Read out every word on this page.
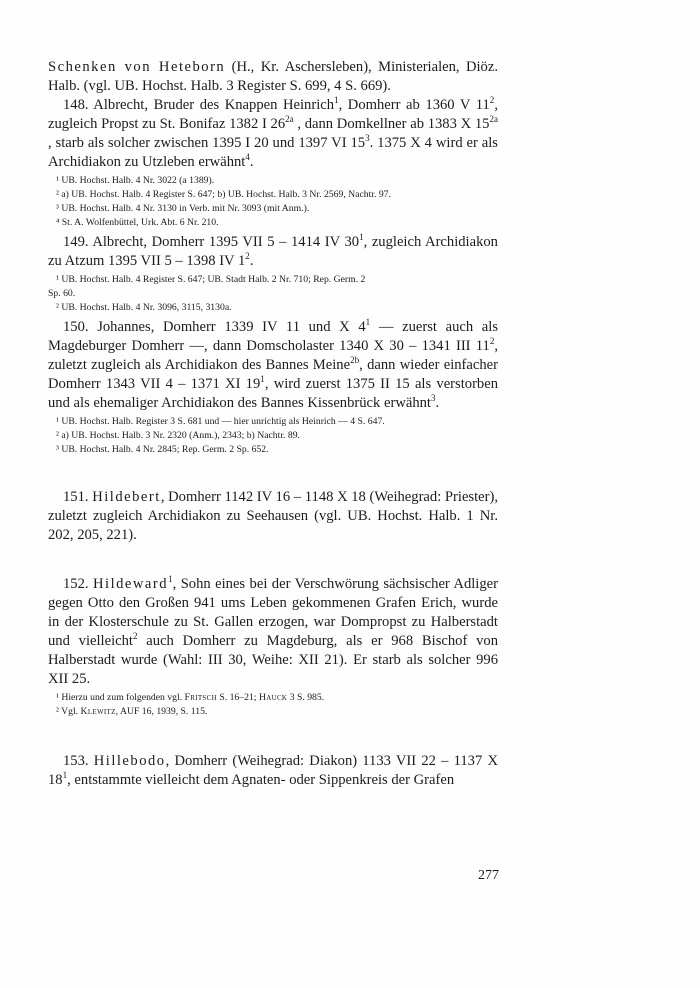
Schenken von Heteborn (H., Kr. Aschersleben), Ministerialen, Diöz. Halb. (vgl. UB. Hochst. Halb. 3 Register S. 699, 4 S. 669).

148. Albrecht, Bruder des Knappen Heinrich$^1$, Domherr ab 1360 V $11^2$, zugleich Propst zu St. Bonifaz 1382 I $26^{2a}$ , dann Domkellner ab 1383 X $15^{2a}$ , starb als solcher zwischen 1395 I 20 und 1397 VI $15^3$. 1375 X 4 wird er als Archidiakon zu Utzleben erwähnt$^4$.

¹ UB. Hochst. Halb. 4 Nr. 3022 (a 1389).

² a) UB. Hochst. Halb. 4 Register S. 647; b) UB. Hochst. Halb. 3 Nr. 2569, Nachtr. 97.

³ UB. Hochst. Halb. 4 Nr. 3130 in Verb. mit Nr. 3093 (mit Anm.).

⁴ St. A. Wolfenbüttel, Urk. Abt. 6 Nr. 210.

149. Albrecht, Domherr 1395 VII 5 – 1414 IV $30^1$, zugleich Archidiakon zu Atzum 1395 VII 5 – 1398 IV $1^2$.

¹ UB. Hochst. Halb. 4 Register S. 647; UB. Stadt Halb. 2 Nr. 710; Rep. Germ. 2

Sp. 60.

² UB. Hochst. Halb. 4 Nr. 3096, 3115, 3130a.

150. Johannes, Domherr 1339 IV 11 und X $4^1$ — zuerst auch als Magdeburger Domherr —, dann Domscholaster 1340 X 30 – 1341 III $11^2$, zuletzt zugleich als Archidiakon des Bannes Meine$^{2b}$, dann wieder einfacher Domherr 1343 VII 4 – 1371 XI $19^1$, wird zuerst 1375 II 15 als verstorben und als ehemaliger Archidiakon des Bannes Kissenbrück erwähnt$^3$.

¹ UB. Hochst. Halb. Register 3 S. 681 und — hier unrichtig als Heinrich — 4 S. 647.

² a) UB. Hochst. Halb. 3 Nr. 2320 (Anm.), 2343; b) Nachtr. 89.

³ UB. Hochst. Halb. 4 Nr. 2845; Rep. Germ. 2 Sp. 652.

151. Hildebert, Domherr 1142 IV 16 – 1148 X 18 (Weihegrad: Priester), zuletzt zugleich Archidiakon zu Seehausen (vgl. UB. Hochst. Halb. 1 Nr. 202, 205, 221).

152. Hildeward$^1$, Sohn eines bei der Verschwörung sächsischer Adliger gegen Otto den Großen 941 ums Leben gekommenen Grafen Erich, wurde in der Klosterschule zu St. Gallen erzogen, war Dompropst zu Halberstadt und vielleicht$^2$ auch Domherr zu Magdeburg, als er 968 Bischof von Halberstadt wurde (Wahl: III 30, Weihe: XII 21). Er starb als solcher 996 XII 25.

¹ Hierzu und zum folgenden vgl. Fritsch S. 16–21; Hauck 3 S. 985.

² Vgl. Klewitz, AUF 16, 1939, S. 115.

153. Hillebodo, Domherr (Weihegrad: Diakon) 1133 VII 22 – 1137 X $18^1$, entstammte vielleicht dem Agnaten- oder Sippenkreis der Grafen

277
